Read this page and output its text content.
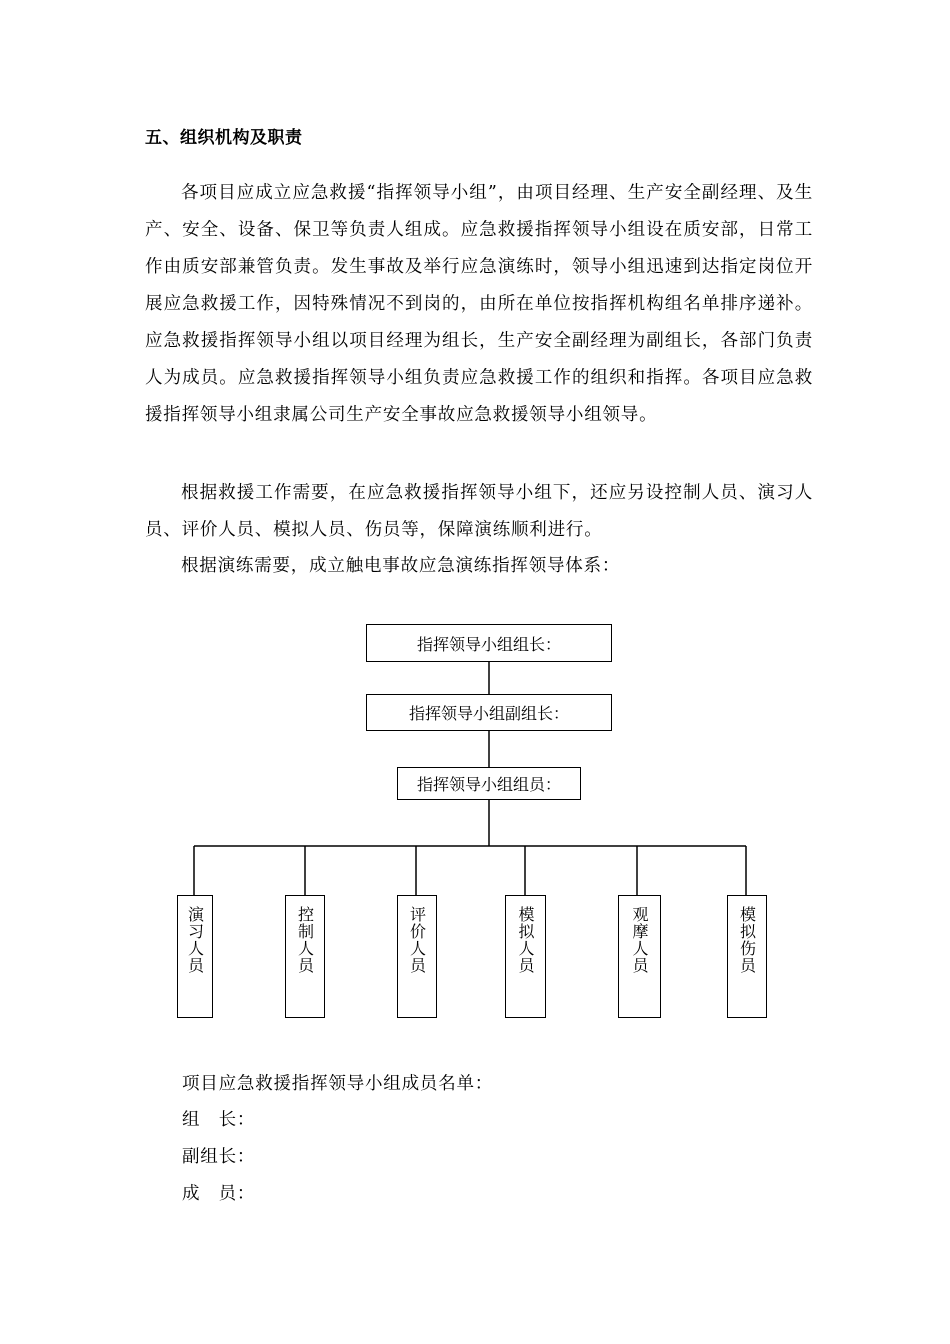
五、组织机构及职责

各项目应成立应急救援“指挥领导小组”，由项目经理、生产安全副经理、及生产、安全、设备、保卫等负责人组成。应急救援指挥领导小组设在质安部，日常工作由质安部兼管负责。发生事故及举行应急演练时，领导小组迅速到达指定岗位开展应急救援工作，因特殊情况不到岗的，由所在单位按指挥机构组名单排序递补。应急救援指挥领导小组以项目经理为组长，生产安全副经理为副组长，各部门负责人为成员。应急救援指挥领导小组负责应急救援工作的组织和指挥。各项目应急救援指挥领导小组隶属公司生产安全事故应急救援领导小组领导。

根据救援工作需要，在应急救援指挥领导小组下，还应另设控制人员、演习人员、评价人员、模拟人员、伤员等，保障演练顺利进行。

根据演练需要，成立触电事故应急演练指挥领导体系：

指挥领导小组组长：
指挥领导小组副组长：
指挥领导小组组员：
演习人员	控制人员	评价人员	模拟人员	观摩人员	模拟伤员
项目应急救援指挥领导小组成员名单：
组　长：
副组长：
成　员：
